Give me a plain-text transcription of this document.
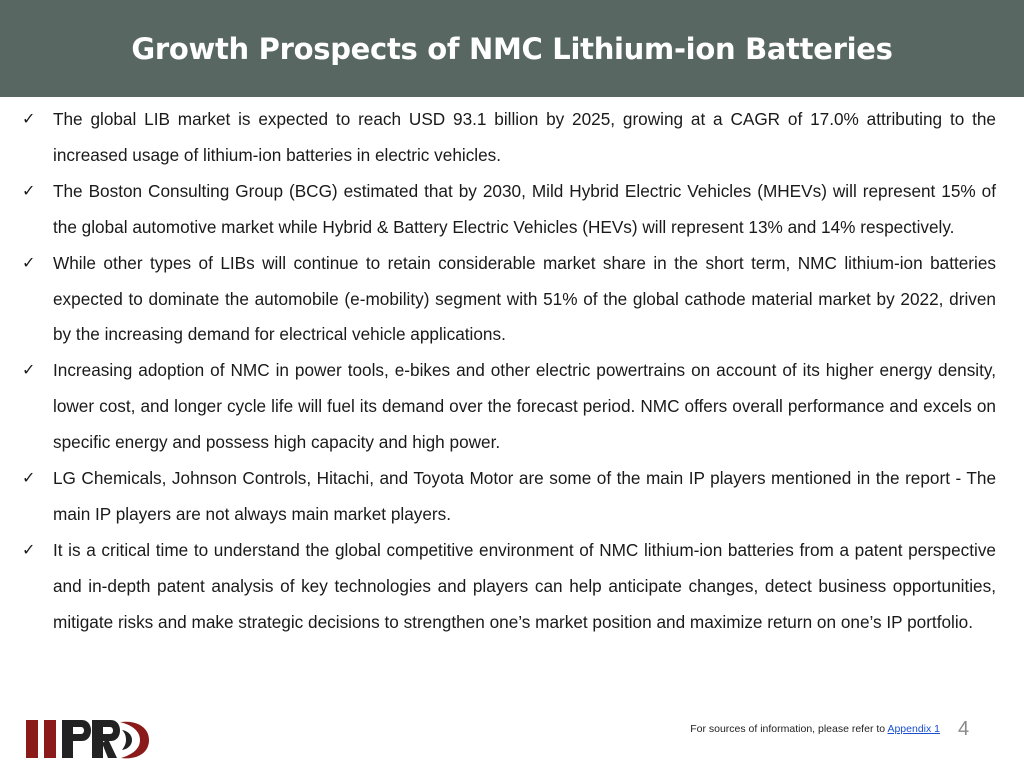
Growth Prospects of NMC Lithium-ion Batteries
✓	The global LIB market is expected to reach USD 93.1 billion by 2025, growing at a CAGR of 17.0% attributing to the increased usage of lithium-ion batteries in electric vehicles.
✓	The Boston Consulting Group (BCG) estimated that by 2030, Mild Hybrid Electric Vehicles (MHEVs) will represent 15% of the global automotive market while Hybrid & Battery Electric Vehicles (HEVs) will represent 13% and 14% respectively.
✓	While other types of LIBs will continue to retain considerable market share in the short term, NMC lithium-ion batteries expected to dominate the automobile (e-mobility) segment with 51% of the global cathode material market by 2022, driven by the increasing demand for electrical vehicle applications.
✓	Increasing adoption of NMC in power tools, e-bikes and other electric powertrains on account of its higher energy density, lower cost, and longer cycle life will fuel its demand over the forecast period. NMC offers overall performance and excels on specific energy and possess high capacity and high power.
✓	LG Chemicals, Johnson Controls, Hitachi, and Toyota Motor are some of the main IP players mentioned in the report - The main IP players are not always main market players.
✓	It is a critical time to understand the global competitive environment of NMC lithium-ion batteries from a patent perspective and in-depth patent analysis of key technologies and players can help anticipate changes, detect business opportunities, mitigate risks and make strategic decisions to strengthen one’s market position and maximize return on one’s IP portfolio.
For sources of information, please refer to Appendix 1 4
